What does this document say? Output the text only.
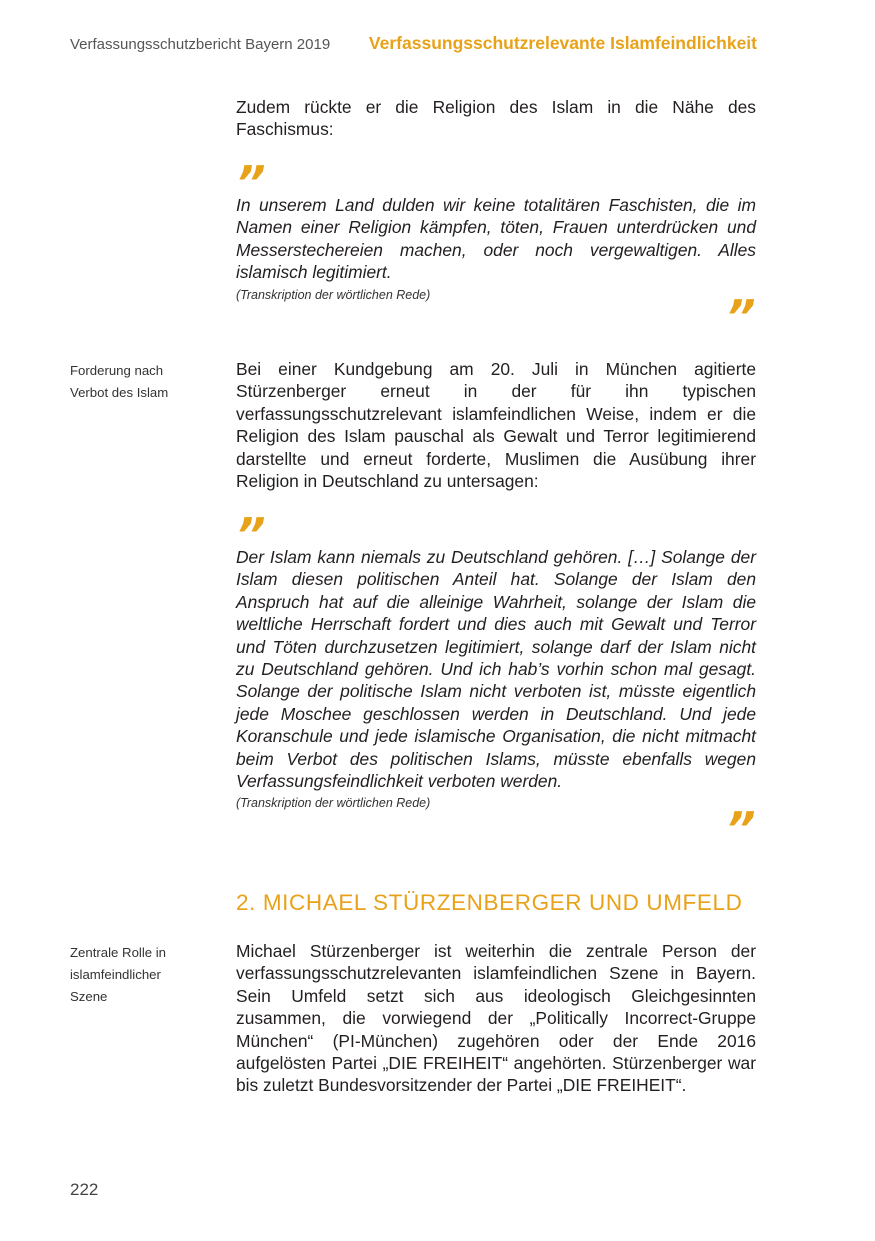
Verfassungsschutzbericht Bayern 2019 Verfassungsschutzrelevante Islamfeindlichkeit

Zudem rückte er die Religion des Islam in die Nähe des Faschismus:

”

In unserem Land dulden wir keine totalitären Faschisten, die im Namen einer Religion kämpfen, töten, Frauen unterdrücken und Messerstechereien machen, oder noch vergewaltigen. Alles islamisch legitimiert.

(Transkription der wörtlichen Rede)	”
Forderung nach
Verbot des Islam

Bei einer Kundgebung am 20. Juli in München agitierte Stürzenberger erneut in der für ihn typischen verfassungsschutzrelevant islamfeindlichen Weise, indem er die Religion des Islam pauschal als Gewalt und Terror legitimierend darstellte und erneut forderte, Muslimen die Ausübung ihrer Religion in Deutschland zu untersagen:

”

Der Islam kann niemals zu Deutschland gehören. […] Solange der Islam diesen politischen Anteil hat. Solange der Islam den Anspruch hat auf die alleinige Wahrheit, solange der Islam die weltliche Herrschaft fordert und dies auch mit Gewalt und Terror und Töten durchzusetzen legitimiert, solange darf der Islam nicht zu Deutschland gehören. Und ich hab’s vorhin schon mal gesagt. Solange der politische Islam nicht verboten ist, müsste eigentlich jede Moschee geschlossen werden in Deutschland. Und jede Koranschule und jede islamische Organisation, die nicht mitmacht beim Verbot des politischen Islams, müsste ebenfalls wegen Verfassungsfeindlichkeit verboten werden.

(Transkription der wörtlichen Rede)	”
2. MICHAEL STÜRZENBERGER UND UMFELD
Zentrale Rolle in
islamfeindlicher
Szene

Michael Stürzenberger ist weiterhin die zentrale Person der verfassungsschutzrelevanten islamfeindlichen Szene in Bayern. Sein Umfeld setzt sich aus ideologisch Gleichgesinnten zusammen, die vorwiegend der „Politically Incorrect-Gruppe München“ (PI-München) zugehören oder der Ende 2016 aufgelösten Partei „DIE FREIHEIT“ angehörten. Stürzenberger war bis zuletzt Bundesvorsitzender der Partei „DIE FREIHEIT“.

222
